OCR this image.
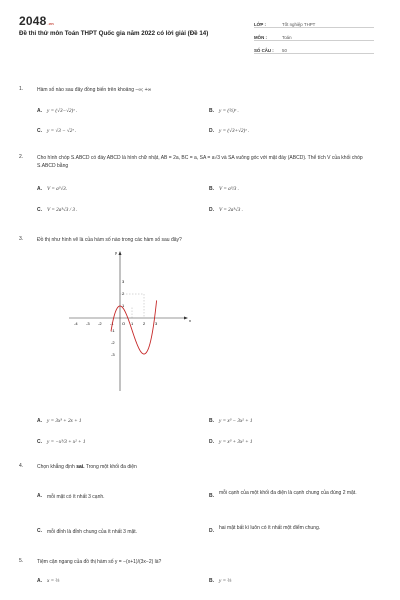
2048.vn
Đề thi thử môn Toán THPT Quốc gia năm 2022 có lời giải (Đề 14)
LỚP :	Tốt nghiệp THPT
MÔN :	Toán
SỐ CÂU :	50
1.	Hàm số nào sau đây đồng biến trên khoảng −∞; +∞
A. y = (√3−√2)ˣ .	B. y = (½)ˣ .
C. y = √3 − √2ˣ .	D. y = (√3+√2)ˣ .
2.	Cho hình chóp S.ABCD có đáy ABCD là hình chữ nhật, AB = 2a, BC = a, SA = a√3 và SA vuông góc với mặt đáy (ABCD). Thể tích V của khối chóp S.ABCD bằng
A. V = a³√3.	B. V = a³/3 .
C. V = 2a³√3 / 3 .	D. V = 2a³√3 .
3.	Đồ thị như hình vẽ là của hàm số nào trong các hàm số sau đây?
x
y
-4 -3 -2 -1 O 1 2 3
3
2
1
-1
-2
-3
A. y = 3x³ + 2x + 1	B. y = x³ − 3x² + 1
C. y = −x³/3 + x² + 1	D. y = x³ + 3x² + 1
4.	Chọn khẳng định sai. Trong một khối đa diện
A.	mỗi mặt có ít nhất 3 cạnh.	B.	mỗi cạnh của một khối đa diện là cạnh chung của đúng 2 mặt.
C.	mỗi đỉnh là đỉnh chung của ít nhất 3 mặt.	D.	hai mặt bất kì luôn có ít nhất một điểm chung.
5.	Tiệm cận ngang của đồ thị hàm số y = −(x+1)/(3x−2) là?
A. x = ⅔	B. y = ⅔
